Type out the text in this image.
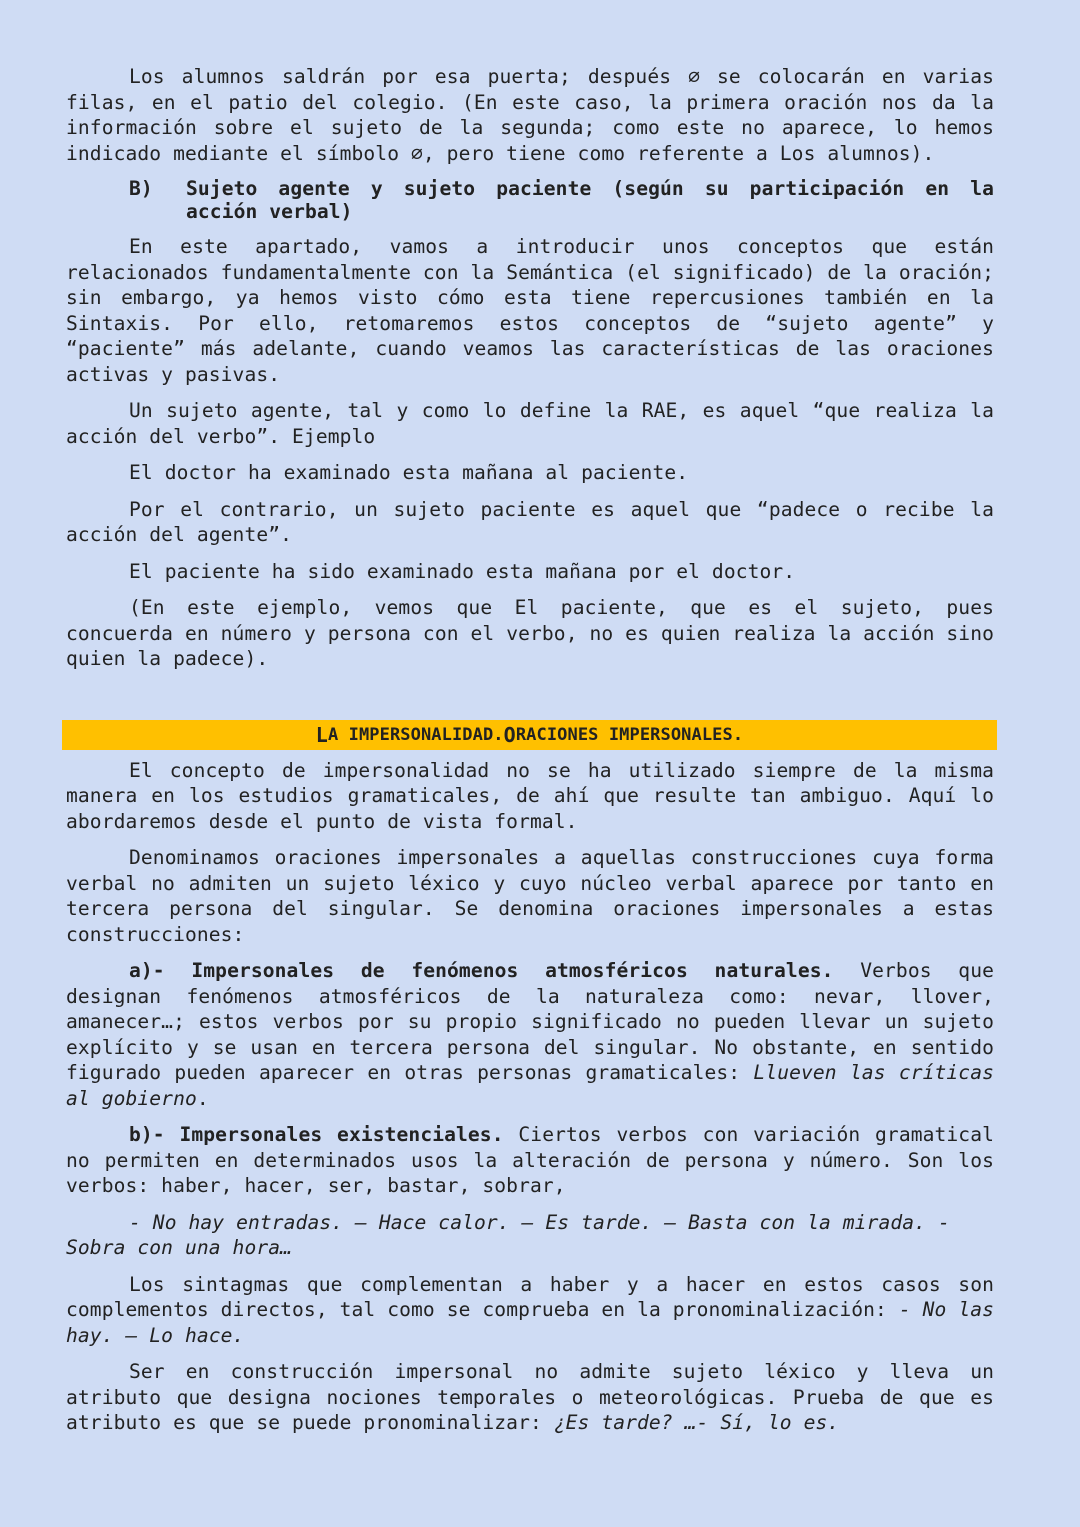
Los alumnos saldrán por esa puerta; después ∅ se colocarán en varias filas, en el patio del colegio. (En este caso, la primera oración nos da la información sobre el sujeto de la segunda; como este no aparece, lo hemos indicado mediante el símbolo ∅, pero tiene como referente a Los alumnos).

B)	Sujeto agente y sujeto paciente (según su participación en la acción verbal)

En este apartado, vamos a introducir unos conceptos que están relacionados fundamentalmente con la Semántica (el significado) de la oración; sin embargo, ya hemos visto cómo esta tiene repercusiones también en la Sintaxis. Por ello, retomaremos estos conceptos de “sujeto agente” y “paciente” más adelante, cuando veamos las características de las oraciones activas y pasivas.

Un sujeto agente, tal y como lo define la RAE, es aquel “que realiza la acción del verbo”. Ejemplo

El doctor ha examinado esta mañana al paciente.

Por el contrario, un sujeto paciente es aquel que “padece o recibe la acción del agente”.

El paciente ha sido examinado esta mañana por el doctor.

(En este ejemplo, vemos que El paciente, que es el sujeto, pues concuerda en número y persona con el verbo, no es quien realiza la acción sino quien la padece).

L A IMPERSONALIDAD. O RACIONES IMPERSONALES.

El concepto de impersonalidad no se ha utilizado siempre de la misma manera en los estudios gramaticales, de ahí que resulte tan ambiguo. Aquí lo abordaremos desde el punto de vista formal.

Denominamos oraciones impersonales a aquellas construcciones cuya forma verbal no admiten un sujeto léxico y cuyo núcleo verbal aparece por tanto en tercera persona del singular. Se denomina oraciones impersonales a estas construcciones:

a)- Impersonales de fenómenos atmosféricos naturales. Verbos que designan fenómenos atmosféricos de la naturaleza como: nevar, llover, amanecer…; estos verbos por su propio significado no pueden llevar un sujeto explícito y se usan en tercera persona del singular. No obstante, en sentido figurado pueden aparecer en otras personas gramaticales: Llueven las críticas al gobierno.

b)- Impersonales existenciales. Ciertos verbos con variación gramatical no permiten en determinados usos la alteración de persona y número. Son los verbos: haber, hacer, ser, bastar, sobrar,

- No hay entradas. – Hace calor. – Es tarde. – Basta con la mirada. - Sobra con una hora…

Los sintagmas que complementan a haber y a hacer en estos casos son complementos directos, tal como se comprueba en la pronominalización: - No las hay. – Lo hace.

Ser en construcción impersonal no admite sujeto léxico y lleva un atributo que designa nociones temporales o meteorológicas. Prueba de que es atributo es que se puede pronominalizar: ¿Es tarde? …- Sí, lo es.
